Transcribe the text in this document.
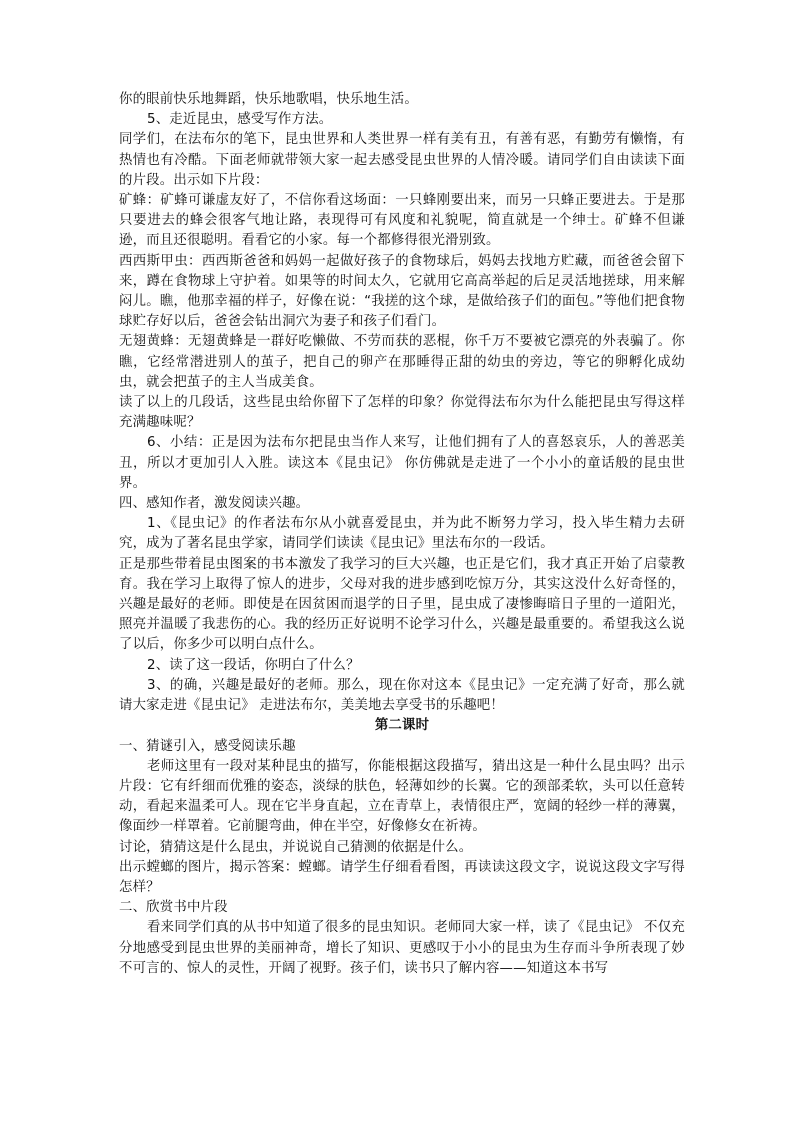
你的眼前快乐地舞蹈，快乐地歌唱，快乐地生活。

5、走近昆虫，感受写作方法。

同学们，在法布尔的笔下，昆虫世界和人类世界一样有美有丑，有善有恶，有勤劳有懒惰，有热情也有冷酷。下面老师就带领大家一起去感受昆虫世界的人情冷暖。请同学们自由读读下面的片段。出示如下片段：

矿蜂：矿蜂可谦虚友好了，不信你看这场面：一只蜂刚要出来，而另一只蜂正要进去。于是那只要进去的蜂会很客气地让路，表现得可有风度和礼貌呢，简直就是一个绅士。矿蜂不但谦逊，而且还很聪明。看看它的小家。每一个都修得很光滑别致。

西西斯甲虫：西西斯爸爸和妈妈一起做好孩子的食物球后，妈妈去找地方贮藏，而爸爸会留下来，蹲在食物球上守护着。如果等的时间太久，它就用它高高举起的后足灵活地搓球，用来解闷儿。瞧，他那幸福的样子，好像在说：“我搓的这个球，是做给孩子们的面包。”等他们把食物球贮存好以后，爸爸会钻出洞穴为妻子和孩子们看门。

无翅黄蜂：无翅黄蜂是一群好吃懒做、不劳而获的恶棍，你千万不要被它漂亮的外表骗了。你瞧，它经常潜进别人的茧子，把自己的卵产在那睡得正甜的幼虫的旁边，等它的卵孵化成幼虫，就会把茧子的主人当成美食。

读了以上的几段话，这些昆虫给你留下了怎样的印象？你觉得法布尔为什么能把昆虫写得这样充满趣味呢？

6、小结：正是因为法布尔把昆虫当作人来写，让他们拥有了人的喜怒哀乐，人的善恶美丑，所以才更加引人入胜。读这本《昆虫记》 你仿佛就是走进了一个小小的童话般的昆虫世界。

四、感知作者，激发阅读兴趣。

1、《昆虫记》的作者法布尔从小就喜爱昆虫，并为此不断努力学习，投入毕生精力去研究，成为了著名昆虫学家，请同学们读读《昆虫记》里法布尔的一段话。

正是那些带着昆虫图案的书本激发了我学习的巨大兴趣，也正是它们，我才真正开始了启蒙教育。我在学习上取得了惊人的进步，父母对我的进步感到吃惊万分，其实这没什么好奇怪的，兴趣是最好的老师。即使是在因贫困而退学的日子里，昆虫成了凄惨晦暗日子里的一道阳光，照亮并温暖了我悲伤的心。我的经历正好说明不论学习什么，兴趣是最重要的。希望我这么说了以后，你多少可以明白点什么。

2、读了这一段话，你明白了什么？

3、的确，兴趣是最好的老师。那么，现在你对这本《昆虫记》一定充满了好奇，那么就请大家走进《昆虫记》 走进法布尔，美美地去享受书的乐趣吧！

第二课时

一、猜谜引入，感受阅读乐趣

老师这里有一段对某种昆虫的描写，你能根据这段描写，猜出这是一种什么昆虫吗？出示片段：它有纤细而优雅的姿态，淡绿的肤色，轻薄如纱的长翼。它的颈部柔软，头可以任意转动，看起来温柔可人。现在它半身直起，立在青草上，表情很庄严，宽阔的轻纱一样的薄翼，像面纱一样罩着。它前腿弯曲，伸在半空，好像修女在祈祷。

讨论，猜猜这是什么昆虫，并说说自己猜测的依据是什么。

出示螳螂的图片，揭示答案：螳螂。请学生仔细看看图，再读读这段文字，说说这段文字写得怎样？

二、欣赏书中片段

看来同学们真的从书中知道了很多的昆虫知识。老师同大家一样，读了《昆虫记》 不仅充分地感受到昆虫世界的美丽神奇，增长了知识、更感叹于小小的昆虫为生存而斗争所表现了妙不可言的、惊人的灵性，开阔了视野。孩子们，读书只了解内容——知道这本书写
